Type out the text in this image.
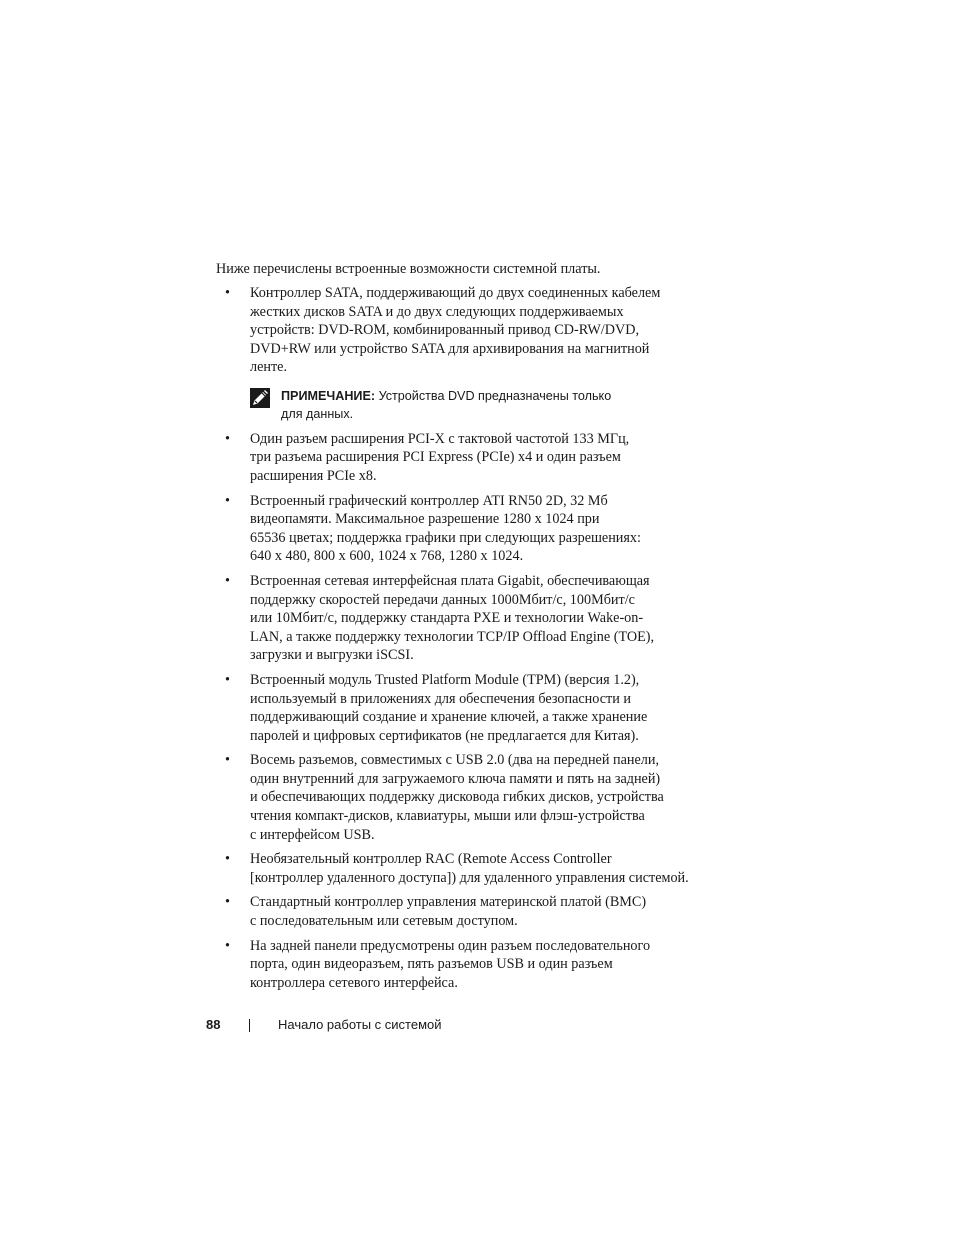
Ниже перечислены встроенные возможности системной платы.

• Контроллер SATA, поддерживающий до двух соединенных кабелем
жестких дисков SATA и до двух следующих поддерживаемых
устройств: DVD-ROM, комбинированный привод CD-RW/DVD,
DVD+RW или устройство SATA для архивирования на магнитной
ленте.
ПРИМЕЧАНИЕ: Устройства DVD предназначены только
для данных.
• Один разъем расширения PCI-X с тактовой частотой 133 МГц,
три разъема расширения PCI Express (PCIe) x4 и один разъем
расширения PCIe x8.
• Встроенный графический контроллер ATI RN50 2D, 32 Мб
видеопамяти. Максимальное разрешение 1280 x 1024 при
65536 цветах; поддержка графики при следующих разрешениях:
640 x 480, 800 x 600, 1024 x 768, 1280 x 1024.
• Встроенная сетевая интерфейсная плата Gigabit, обеспечивающая
поддержку скоростей передачи данных 1000Мбит/с, 100Мбит/с
или 10Мбит/с, поддержку стандарта PXE и технологии Wake-on-
LAN, а также поддержку технологии TCP/IP Offload Engine (TOE),
загрузки и выгрузки iSCSI.
• Встроенный модуль Trusted Platform Module (TPM) (версия 1.2),
используемый в приложениях для обеспечения безопасности и
поддерживающий создание и хранение ключей, а также хранение
паролей и цифровых сертификатов (не предлагается для Китая).
• Восемь разъемов, совместимых с USB 2.0 (два на передней панели,
один внутренний для загружаемого ключа памяти и пять на задней)
и обеспечивающих поддержку дисковода гибких дисков, устройства
чтения компакт-дисков, клавиатуры, мыши или флэш-устройства
с интерфейсом USB.
• Необязательный контроллер RAC (Remote Access Controller
[контроллер удаленного доступа]) для удаленного управления системой.
• Стандартный контроллер управления материнской платой (BMC)
с последовательным или сетевым доступом.
• На задней панели предусмотрены один разъем последовательного
порта, один видеоразъем, пять разъемов USB и один разъем
контроллера сетевого интерфейса.
88	Начало работы с системой
